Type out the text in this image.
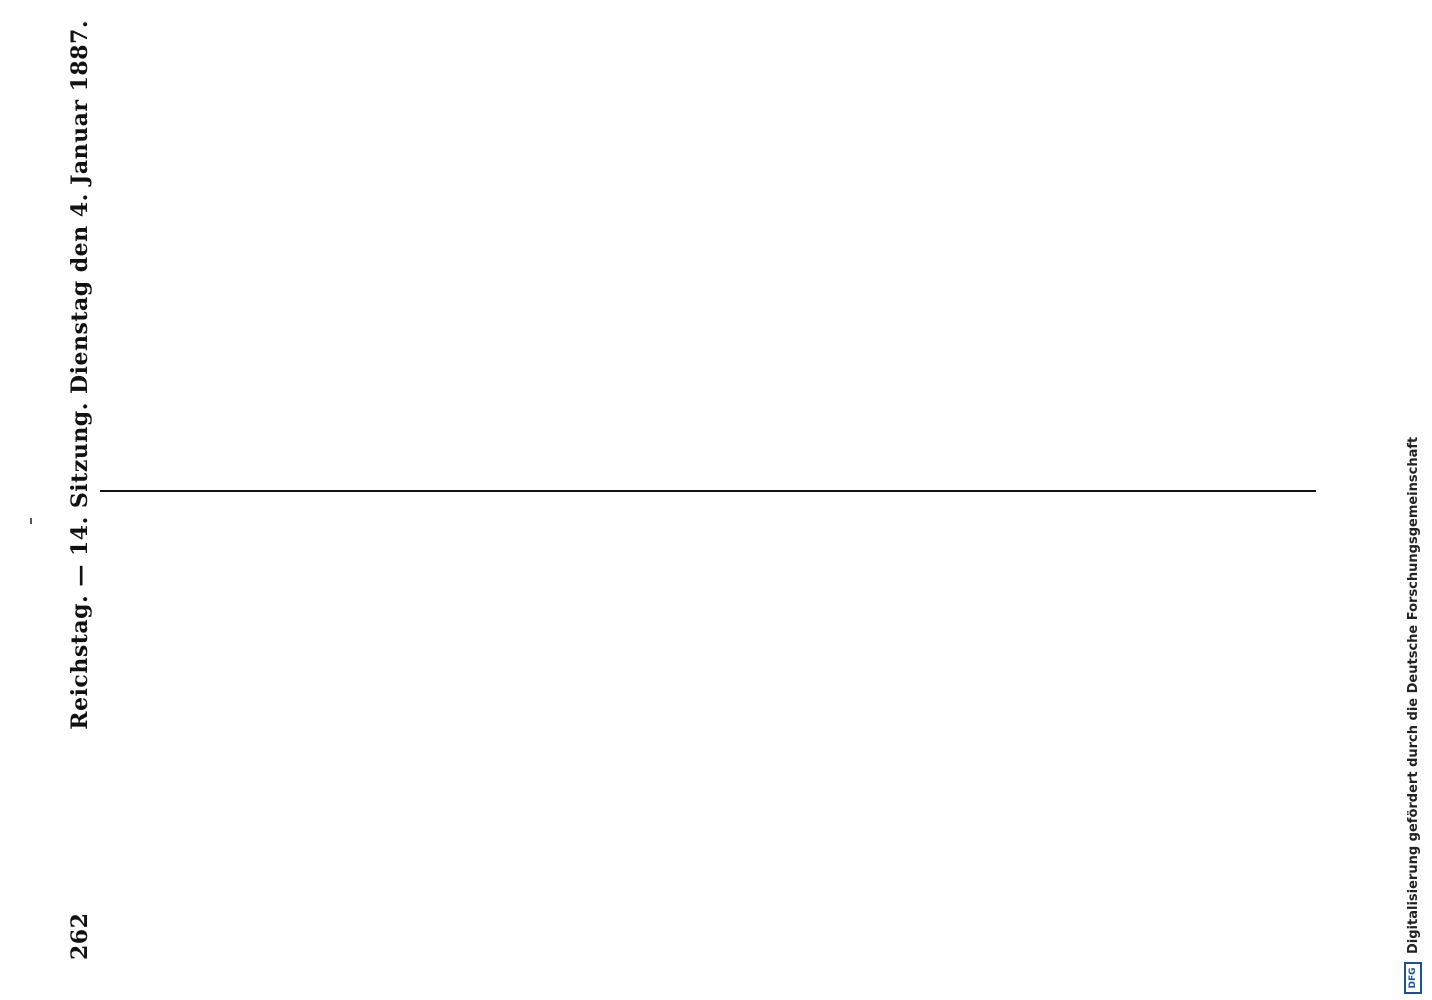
262
Reichstag. — 14. Sitzung. Dienstag den 4. Januar 1887.
DFG
Digitalisierung gefördert durch die Deutsche Forschungsgemeinschaft
